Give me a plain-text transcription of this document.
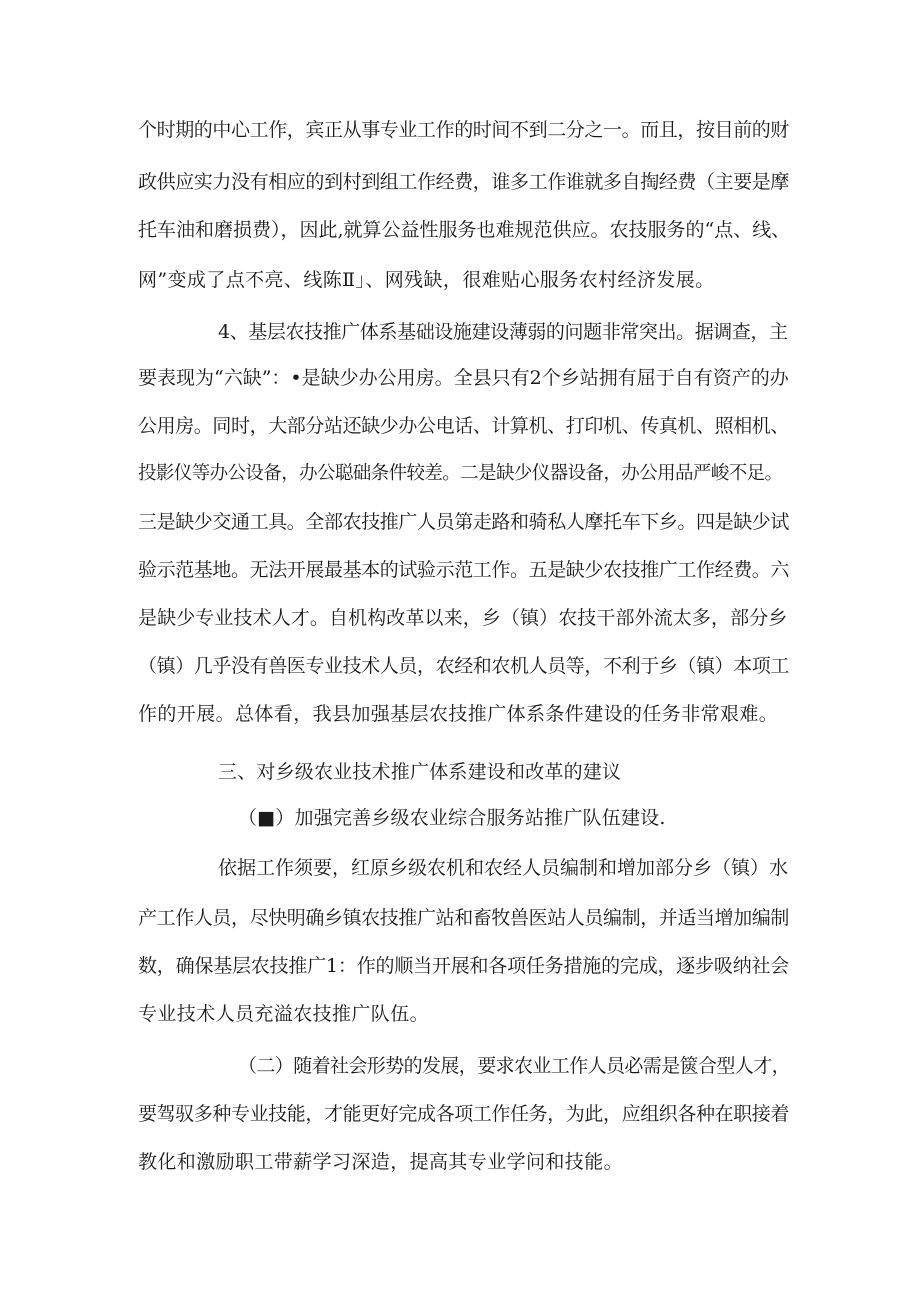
个时期的中心工作，宾正从事专业工作的时间不到二分之一。而且，按目前的财
政供应实力没有相应的到村到组工作经费，谁多工作谁就多自掏经费（主要是摩
托车油和磨损费），因此,就算公益性服务也难规范供应。农技服务的“点、线、
网”变成了点不亮、线陈Ⅱ」、网残缺，很难贴心服务农村经济发展。
4、基层农技推广体系基础设施建设薄弱的问题非常突出。据调查，主
要表现为“六缺”：•是缺少办公用房。全县只有2个乡站拥有屈于自有资产的办
公用房。同时，大部分站还缺少办公电话、计算机、打印机、传真机、照相机、
投影仪等办公设备，办公聪础条件较差。二是缺少仪器设备，办公用品严峻不足。
三是缺少交通工具。全部农技推广人员第走路和骑私人摩托车下乡。四是缺少试
验示范基地。无法开展最基本的试验示范工作。五是缺少农技推广工作经费。六
是缺少专业技术人才。自机构改革以来，乡（镇）农技干部外流太多，部分乡
（镇）几乎没有兽医专业技术人员，农经和农机人员等，不利于乡（镇）本项工
作的开展。总体看，我县加强基层农技推广体系条件建设的任务非常艰难。
三、对乡级农业技术推广体系建设和改革的建议
（■）加强完善乡级农业综合服务站推广队伍建设.
依据工作须要，红原乡级农机和农经人员编制和增加部分乡（镇）水
产工作人员，尽快明确乡镇农技推广站和畜牧兽医站人员编制，并适当增加编制
数，确保基层农技推广1：作的顺当开展和各项任务措施的完成，逐步吸纳社会
专业技术人员充溢农技推广队伍。
（二）随着社会形势的发展，要求农业工作人员必需是篋合型人才，
要驾驭多种专业技能，才能更好完成各项工作任务，为此，应组织各种在职接着
教化和激励职工带薪学习深造，提高其专业学问和技能。
